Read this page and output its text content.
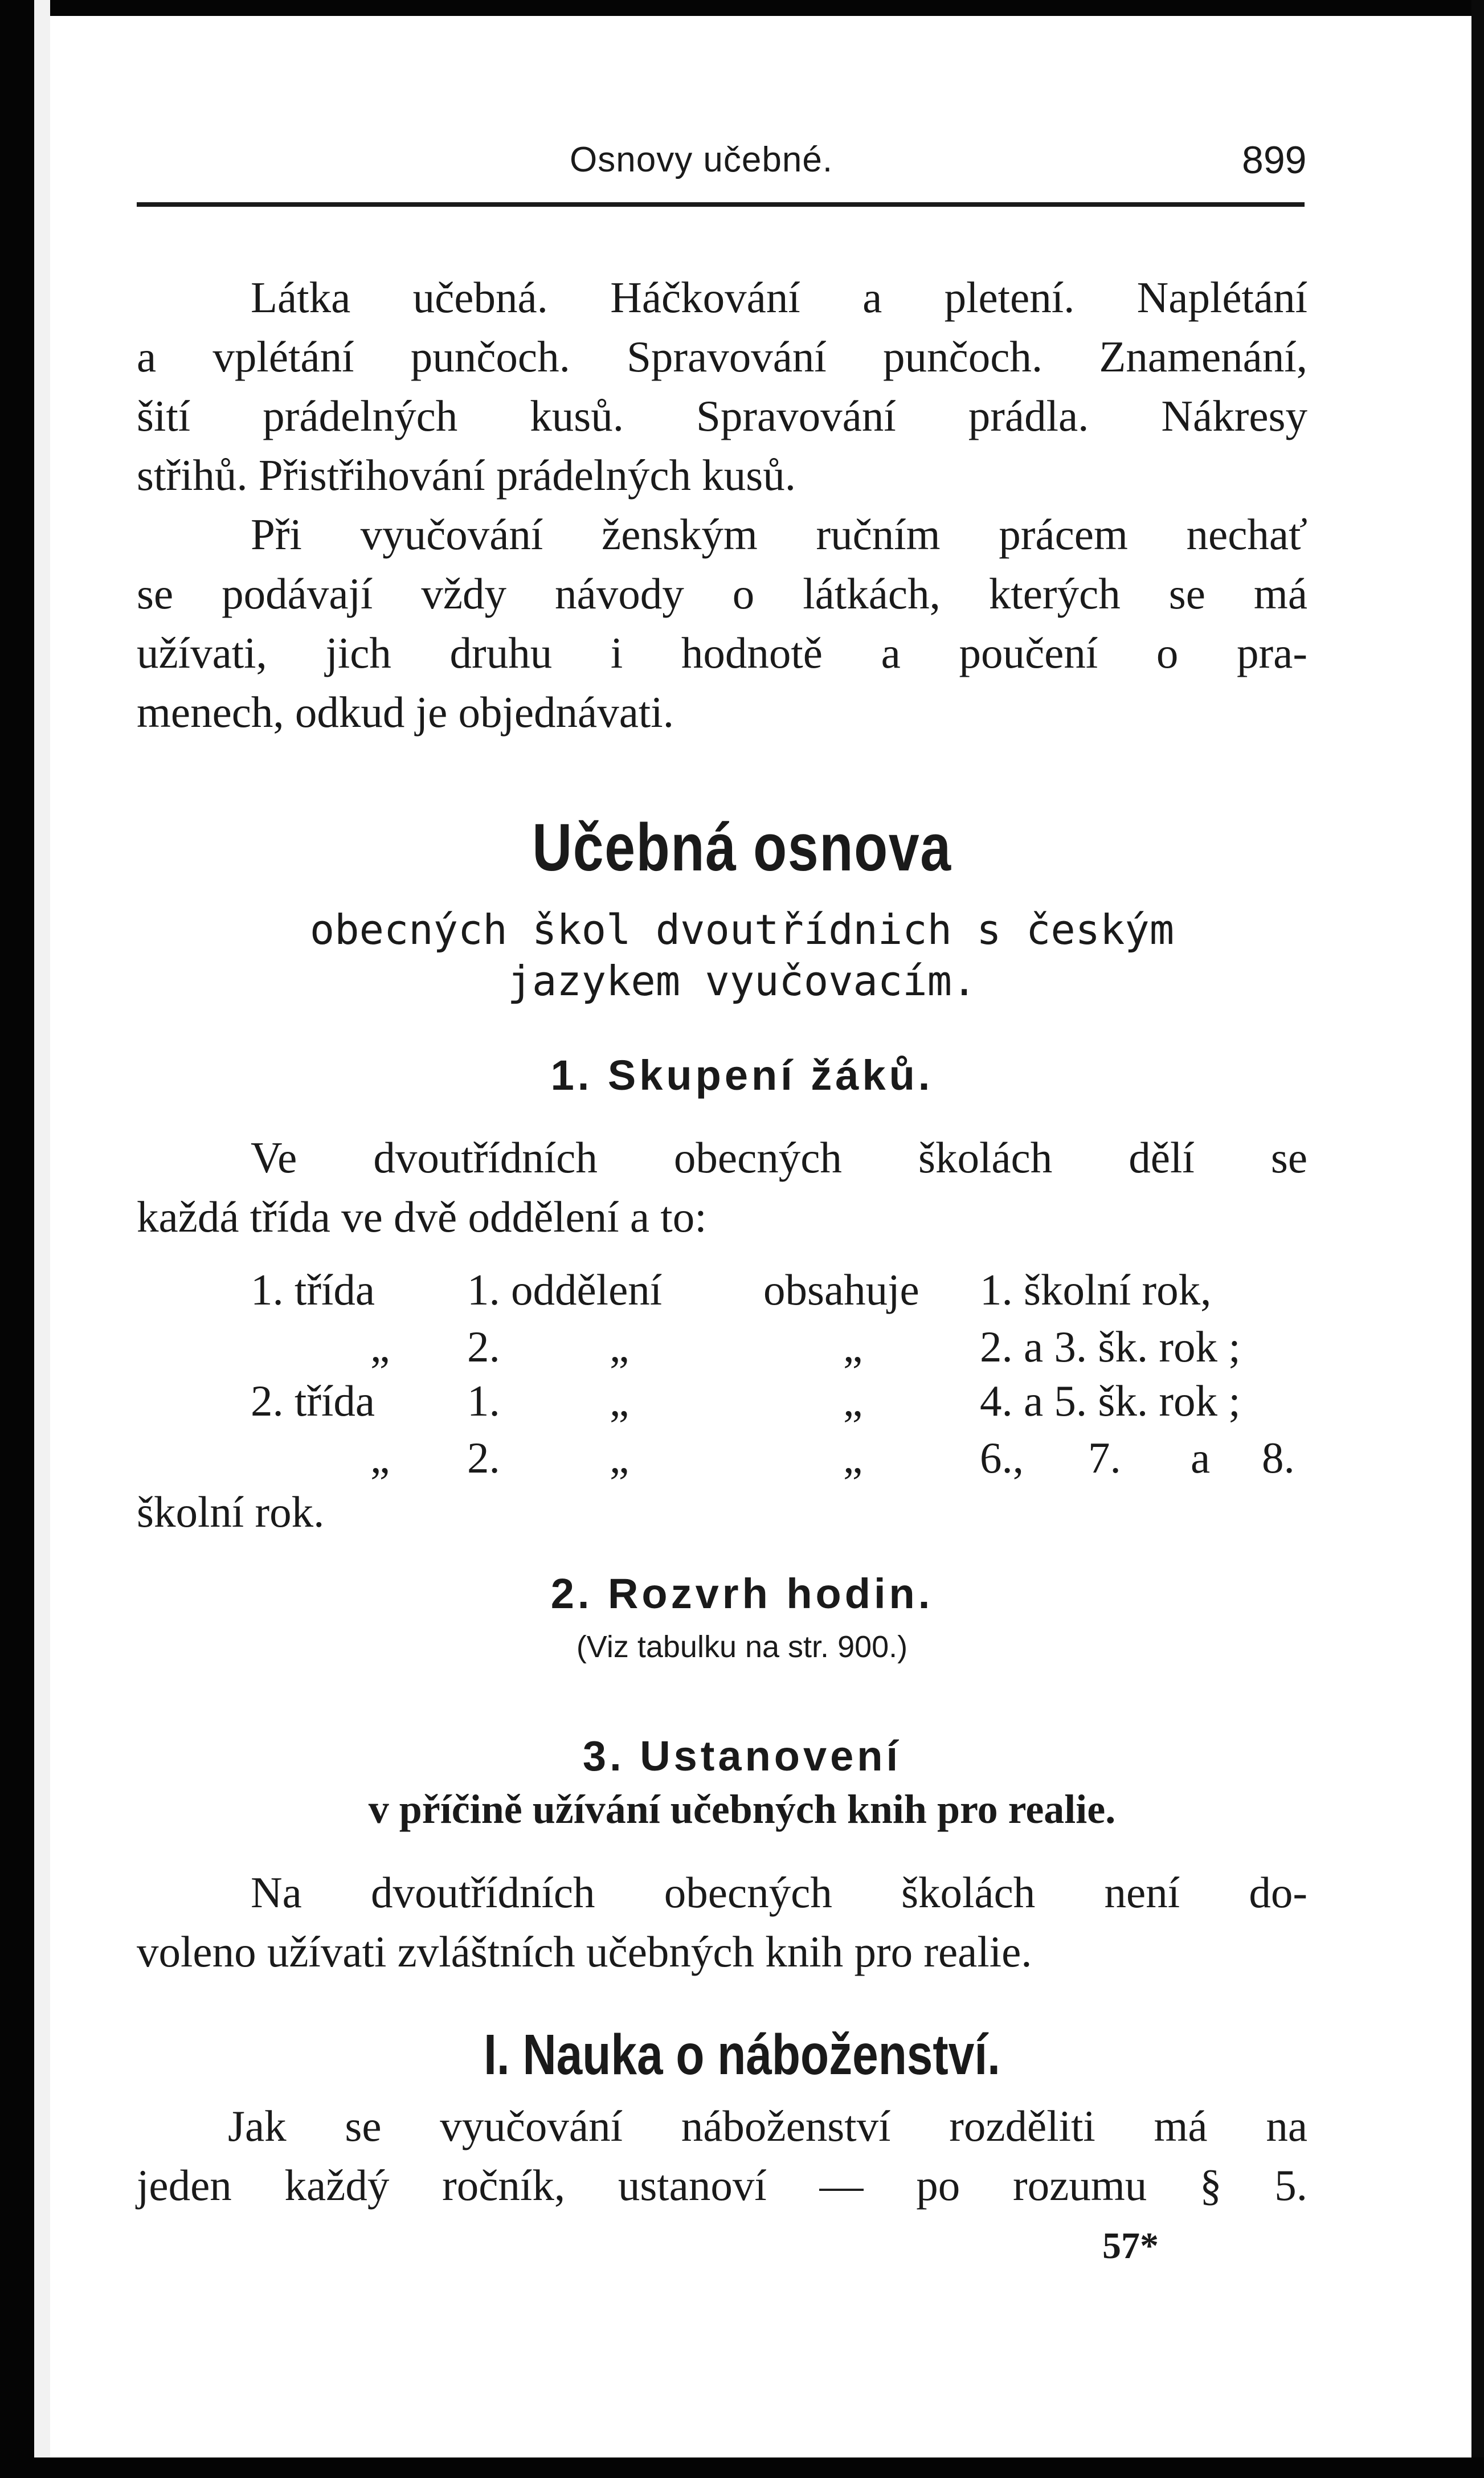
Osnovy učebné.	899
Látka učebná. Háčkování a pletení. Naplétání
a vplétání punčoch. Spravování punčoch. Znamenání,
šití prádelných kusů. Spravování prádla. Nákresy
střihů. Přistřihování prádelných kusů.
Při vyučování ženským ručním prácem nechať
se podávají vždy návody o látkách, kterých se má
užívati, jich druhu i hodnotě a poučení o pra-
menech, odkud je objednávati.
Učebná osnova
obecných škol dvoutřídnich s českým
jazykem vyučovacím.
1. Skupení žáků.
Ve dvoutřídních obecných školách dělí se
každá třída ve dvě oddělení a to:
1. třída 1. oddělení obsahuje 1. školní rok,
„ 2. „	„	2. a 3. šk. rok ;
2. třída 1. „	„	4. a 5. šk. rok ;
„ 2. „	„	6., 7. a 8.
školní rok.
2. Rozvrh hodin.
(Viz tabulku na str. 900.)
3. Ustanovení
v příčině užívání učebných knih pro realie.
Na dvoutřídních obecných školách není do-
voleno užívati zvláštních učebných knih pro realie.
I. Nauka o náboženství.
Jak se vyučování náboženství rozděliti má na
jeden každý ročník, ustanoví — po rozumu § 5.
57*
